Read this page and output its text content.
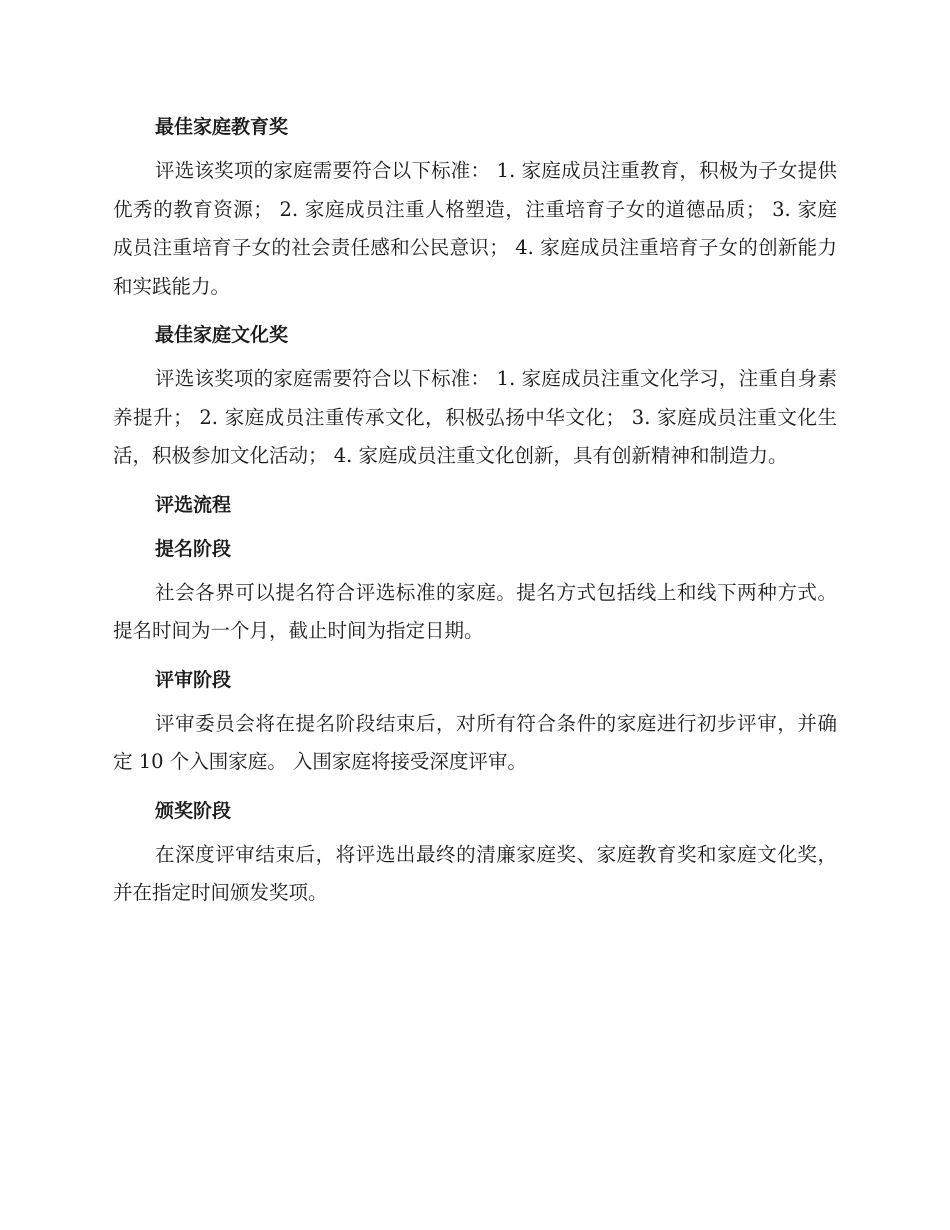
最佳家庭教育奖

评选该奖项的家庭需要符合以下标准： 1. 家庭成员注重教育，积极为子女提供优秀的教育资源； 2. 家庭成员注重人格塑造，注重培育子女的道德品质； 3. 家庭成员注重培育子女的社会责任感和公民意识； 4. 家庭成员注重培育子女的创新能力和实践能力。

最佳家庭文化奖

评选该奖项的家庭需要符合以下标准： 1. 家庭成员注重文化学习，注重自身素养提升； 2. 家庭成员注重传承文化，积极弘扬中华文化； 3. 家庭成员注重文化生活，积极参加文化活动； 4. 家庭成员注重文化创新，具有创新精神和制造力。

评选流程
提名阶段

社会各界可以提名符合评选标准的家庭。提名方式包括线上和线下两种方式。 提名时间为一个月，截止时间为指定日期。

评审阶段

评审委员会将在提名阶段结束后，对所有符合条件的家庭进行初步评审，并确定 10 个入围家庭。 入围家庭将接受深度评审。

颁奖阶段

在深度评审结束后，将评选出最终的清廉家庭奖、家庭教育奖和家庭文化奖，并在指定时间颁发奖项。
